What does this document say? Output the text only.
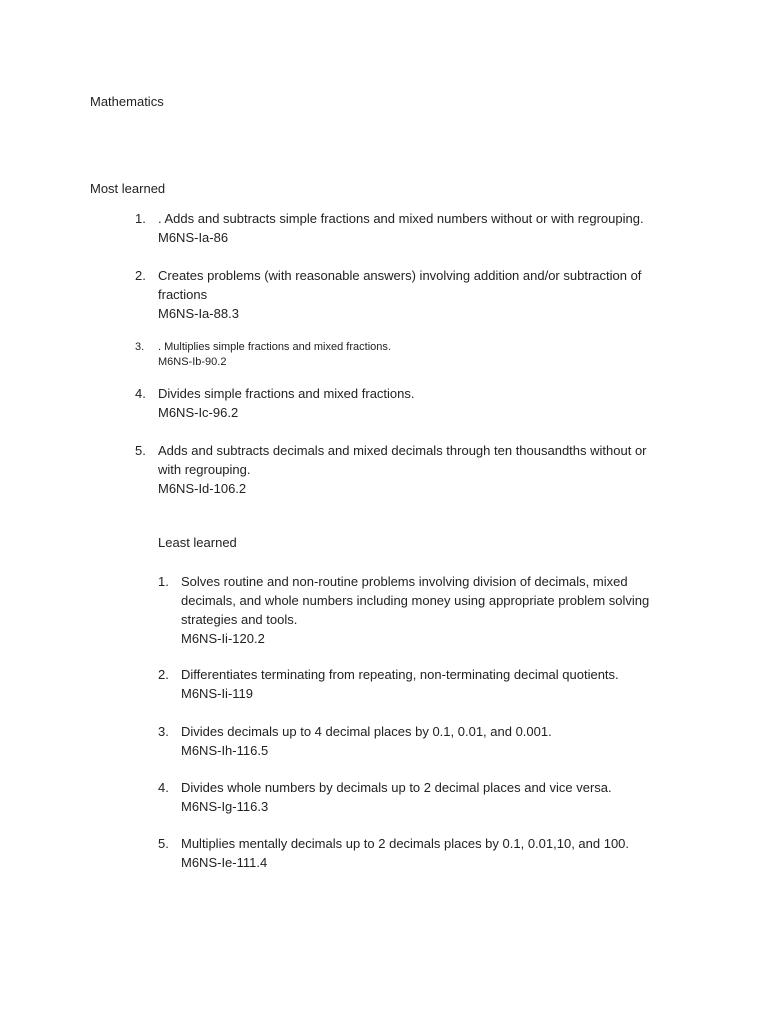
Mathematics
Most learned
1. . Adds and subtracts simple fractions and mixed numbers without or with regrouping.
M6NS-Ia-86
2. Creates problems (with reasonable answers) involving addition and/or subtraction of fractions
M6NS-Ia-88.3
3.	. Multiplies simple fractions and mixed fractions.
M6NS-Ib-90.2
4. Divides simple fractions and mixed fractions.
M6NS-Ic-96.2
5. Adds and subtracts decimals and mixed decimals through ten thousandths without or with regrouping.
M6NS-Id-106.2
Least learned
1. Solves routine and non-routine problems involving division of decimals, mixed decimals, and whole numbers including money using appropriate problem solving strategies and tools.
M6NS-Ii-120.2
2. Differentiates terminating from repeating, non-terminating decimal quotients.
M6NS-Ii-119
3. Divides decimals up to 4 decimal places by 0.1, 0.01, and 0.001.
M6NS-Ih-116.5
4. Divides whole numbers by decimals up to 2 decimal places and vice versa.
M6NS-Ig-116.3
5. Multiplies mentally decimals up to 2 decimals places by 0.1, 0.01,10, and 100.
M6NS-Ie-111.4
